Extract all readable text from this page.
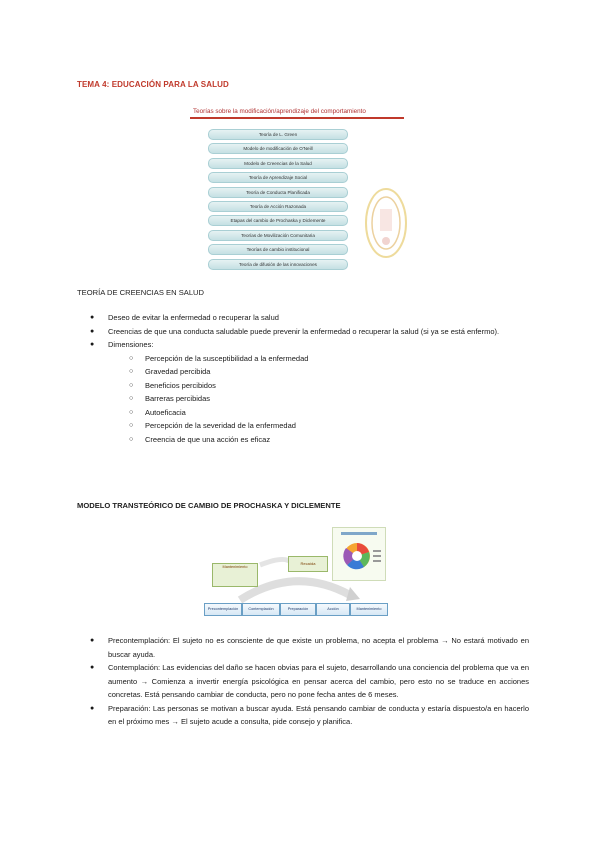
TEMA 4: EDUCACIÓN PARA LA SALUD
Teorías sobre la modificación/aprendizaje del comportamiento
Teoría de L. Green
Modelo de modificación de O'Neill
Modelo de Creencias de la Salud
Teoría de Aprendizaje Social
Teoría de Conducta Planificada
Teoría de Acción Razonada
Etapas del cambio de Prochaska y Diclemente
Teorías de Movilización Comunitaria
Teorías de cambio institucional
Teoría de difusión de las innovaciones
TEORÍA DE CREENCIAS EN SALUD
● Deseo de evitar la enfermedad o recuperar la salud
● Creencias de que una conducta saludable puede prevenir la enfermedad o recuperar la salud (si ya se está enfermo).
● Dimensiones:
○ Percepción de la susceptibilidad a la enfermedad
○ Gravedad percibida
○ Beneficios percibidos
○ Barreras percibidas
○ Autoeficacia
○ Percepción de la severidad de la enfermedad
○ Creencia de que una acción es eficaz
MODELO TRANSTEÓRICO DE CAMBIO DE PROCHASKA Y DICLEMENTE
Mantenimiento
Recaída
Precontemplación	Contemplación	Preparación	Acción	Mantenimiento
● Precontemplación: El sujeto no es consciente de que existe un problema, no acepta el problema → No estará motivado en buscar ayuda.
● Contemplación: Las evidencias del daño se hacen obvias para el sujeto, desarrollando una conciencia del problema que va en aumento → Comienza a invertir energía psicológica en pensar acerca del cambio, pero esto no se traduce en acciones concretas. Está pensando cambiar de conducta, pero no pone fecha antes de 6 meses.
● Preparación: Las personas se motivan a buscar ayuda. Está pensando cambiar de conducta y estaría dispuesto/a en hacerlo en el próximo mes → El sujeto acude a consulta, pide consejo y planifica.
